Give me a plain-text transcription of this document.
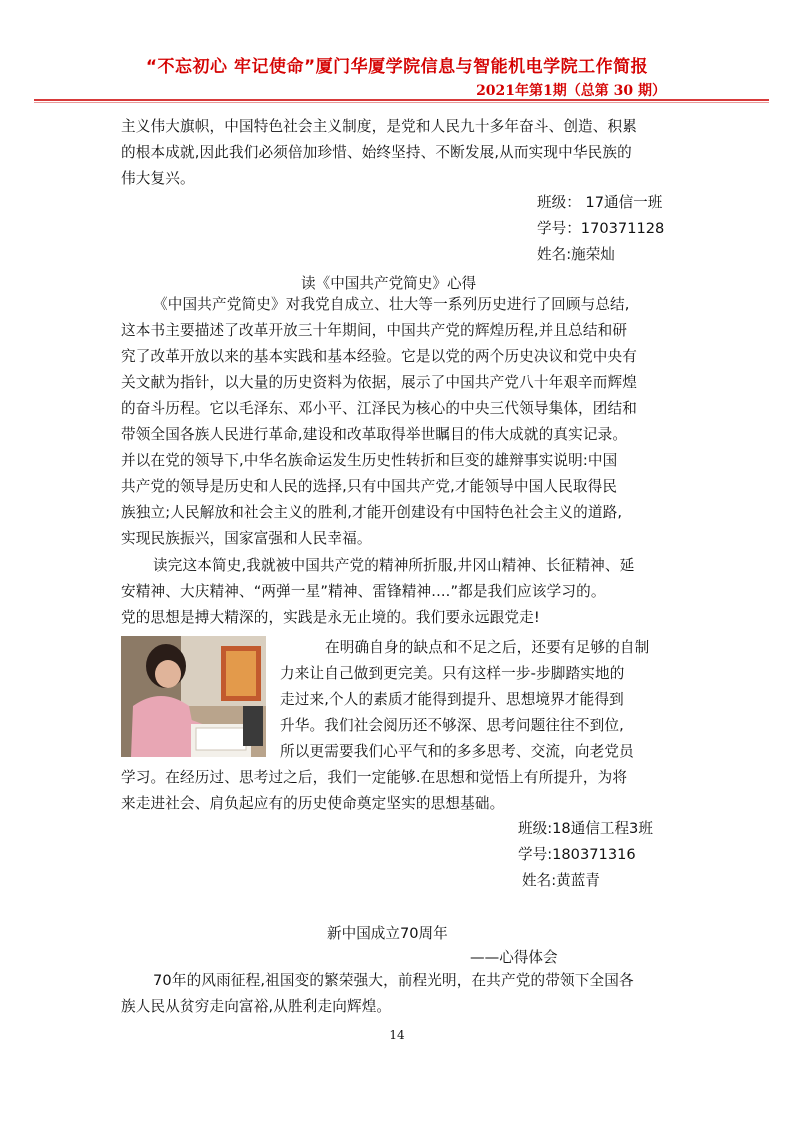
“不忘初心 牢记使命”厦门华厦学院信息与智能机电学院工作简报
2021年第1期（总第 30 期）
主义伟大旗帜，中国特色社会主义制度，是党和人民九十多年奋斗、创造、积累
的根本成就,因此我们必须倍加珍惜、始终坚持、不断发展,从而实现中华民族的
伟大复兴。
班级： 17通信一班
学号：170371128
姓名:施荣灿
读《中国共产党简史》心得
《中国共产党简史》对我党自成立、壮大等一系列历史进行了回顾与总结,
这本书主要描述了改革开放三十年期间，中国共产党的辉煌历程,并且总结和研
究了改革开放以来的基本实践和基本经验。它是以党的两个历史决议和党中央有
关文献为指针，以大量的历史资料为依据，展示了中国共产党八十年艰辛而辉煌
的奋斗历程。它以毛泽东、邓小平、江泽民为核心的中央三代领导集体，团结和
带领全国各族人民进行革命,建设和改革取得举世瞩目的伟大成就的真实记录。
并以在党的领导下,中华名族命运发生历史性转折和巨变的雄辩事实说明:中国
共产党的领导是历史和人民的选择,只有中国共产党,才能领导中国人民取得民
族独立;人民解放和社会主义的胜利,才能开创建设有中国特色社会主义的道路,
实现民族振兴，国家富强和人民幸福。
读完这本简史,我就被中国共产党的精神所折服,井冈山精神、长征精神、延
安精神、大庆精神、“两弹一星”精神、雷锋精神....”都是我们应该学习的。
党的思想是搏大精深的，实践是永无止境的。我们要永远跟党走!
在明确自身的缺点和不足之后，还要有足够的自制
力来让自己做到更完美。只有这样一步-步脚踏实地的
走过来,个人的素质才能得到提升、思想境界才能得到
升华。我们社会阅历还不够深、思考问题往往不到位,
所以更需要我们心平气和的多多思考、交流，向老党员
学习。在经历过、思考过之后，我们一定能够.在思想和觉悟上有所提升，为将
来走进社会、肩负起应有的历史使命奠定坚实的思想基础。
班级:18通信工程3班
学号:180371316
姓名:黄蓝青
新中国成立70周年
——心得体会
70年的风雨征程,祖国变的繁荣强大，前程光明，在共产党的带领下全国各
族人民从贫穷走向富裕,从胜利走向辉煌。
14
